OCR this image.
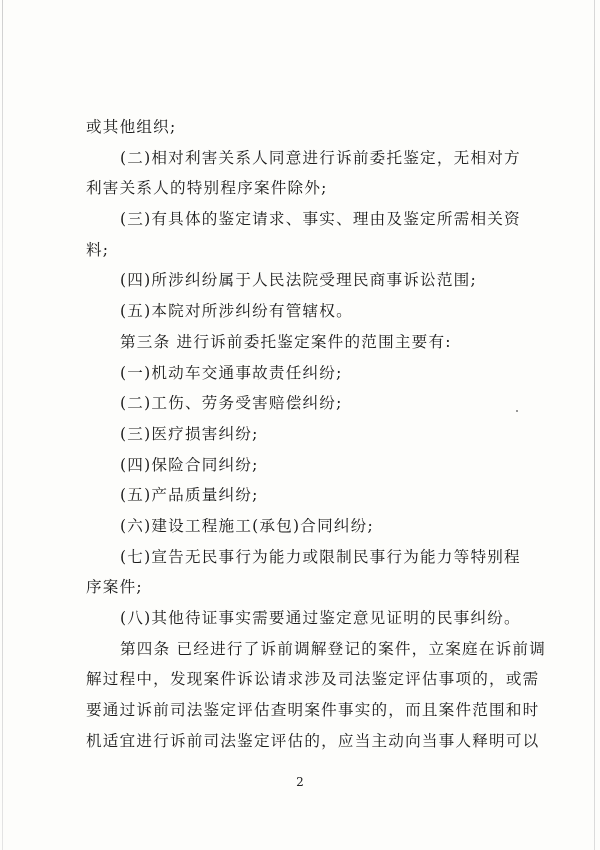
或其他组织;

(二)相对利害关系人同意进行诉前委托鉴定，无相对方

利害关系人的特别程序案件除外;

(三)有具体的鉴定请求、事实、理由及鉴定所需相关资

料;

(四)所涉纠纷属于人民法院受理民商事诉讼范围;

(五)本院对所涉纠纷有管辖权。

第三条 进行诉前委托鉴定案件的范围主要有:

(一)机动车交通事故责任纠纷;

(二)工伤、劳务受害赔偿纠纷;

(三)医疗损害纠纷;

(四)保险合同纠纷;

(五)产品质量纠纷;

(六)建设工程施工(承包)合同纠纷;

(七)宣告无民事行为能力或限制民事行为能力等特别程

序案件;

(八)其他待证事实需要通过鉴定意见证明的民事纠纷。

第四条 已经进行了诉前调解登记的案件，立案庭在诉前调

解过程中，发现案件诉讼请求涉及司法鉴定评估事项的，或需

要通过诉前司法鉴定评估查明案件事实的，而且案件范围和时

机适宜进行诉前司法鉴定评估的，应当主动向当事人释明可以

2
